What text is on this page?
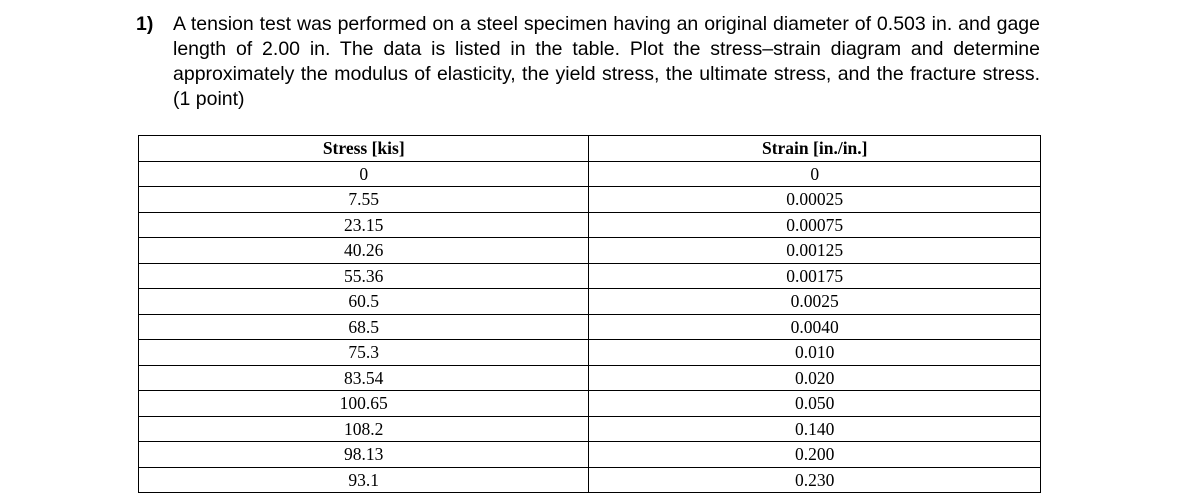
1) A tension test was performed on a steel specimen having an original diameter of 0.503 in. and gage length of 2.00 in. The data is listed in the table. Plot the stress–strain diagram and determine approximately the modulus of elasticity, the yield stress, the ultimate stress, and the fracture stress. (1 point)
Stress [kis]	Strain [in./in.]
0	0
7.55	0.00025
23.15	0.00075
40.26	0.00125
55.36	0.00175
60.5	0.0025
68.5	0.0040
75.3	0.010
83.54	0.020
100.65	0.050
108.2	0.140
98.13	0.200
93.1	0.230
